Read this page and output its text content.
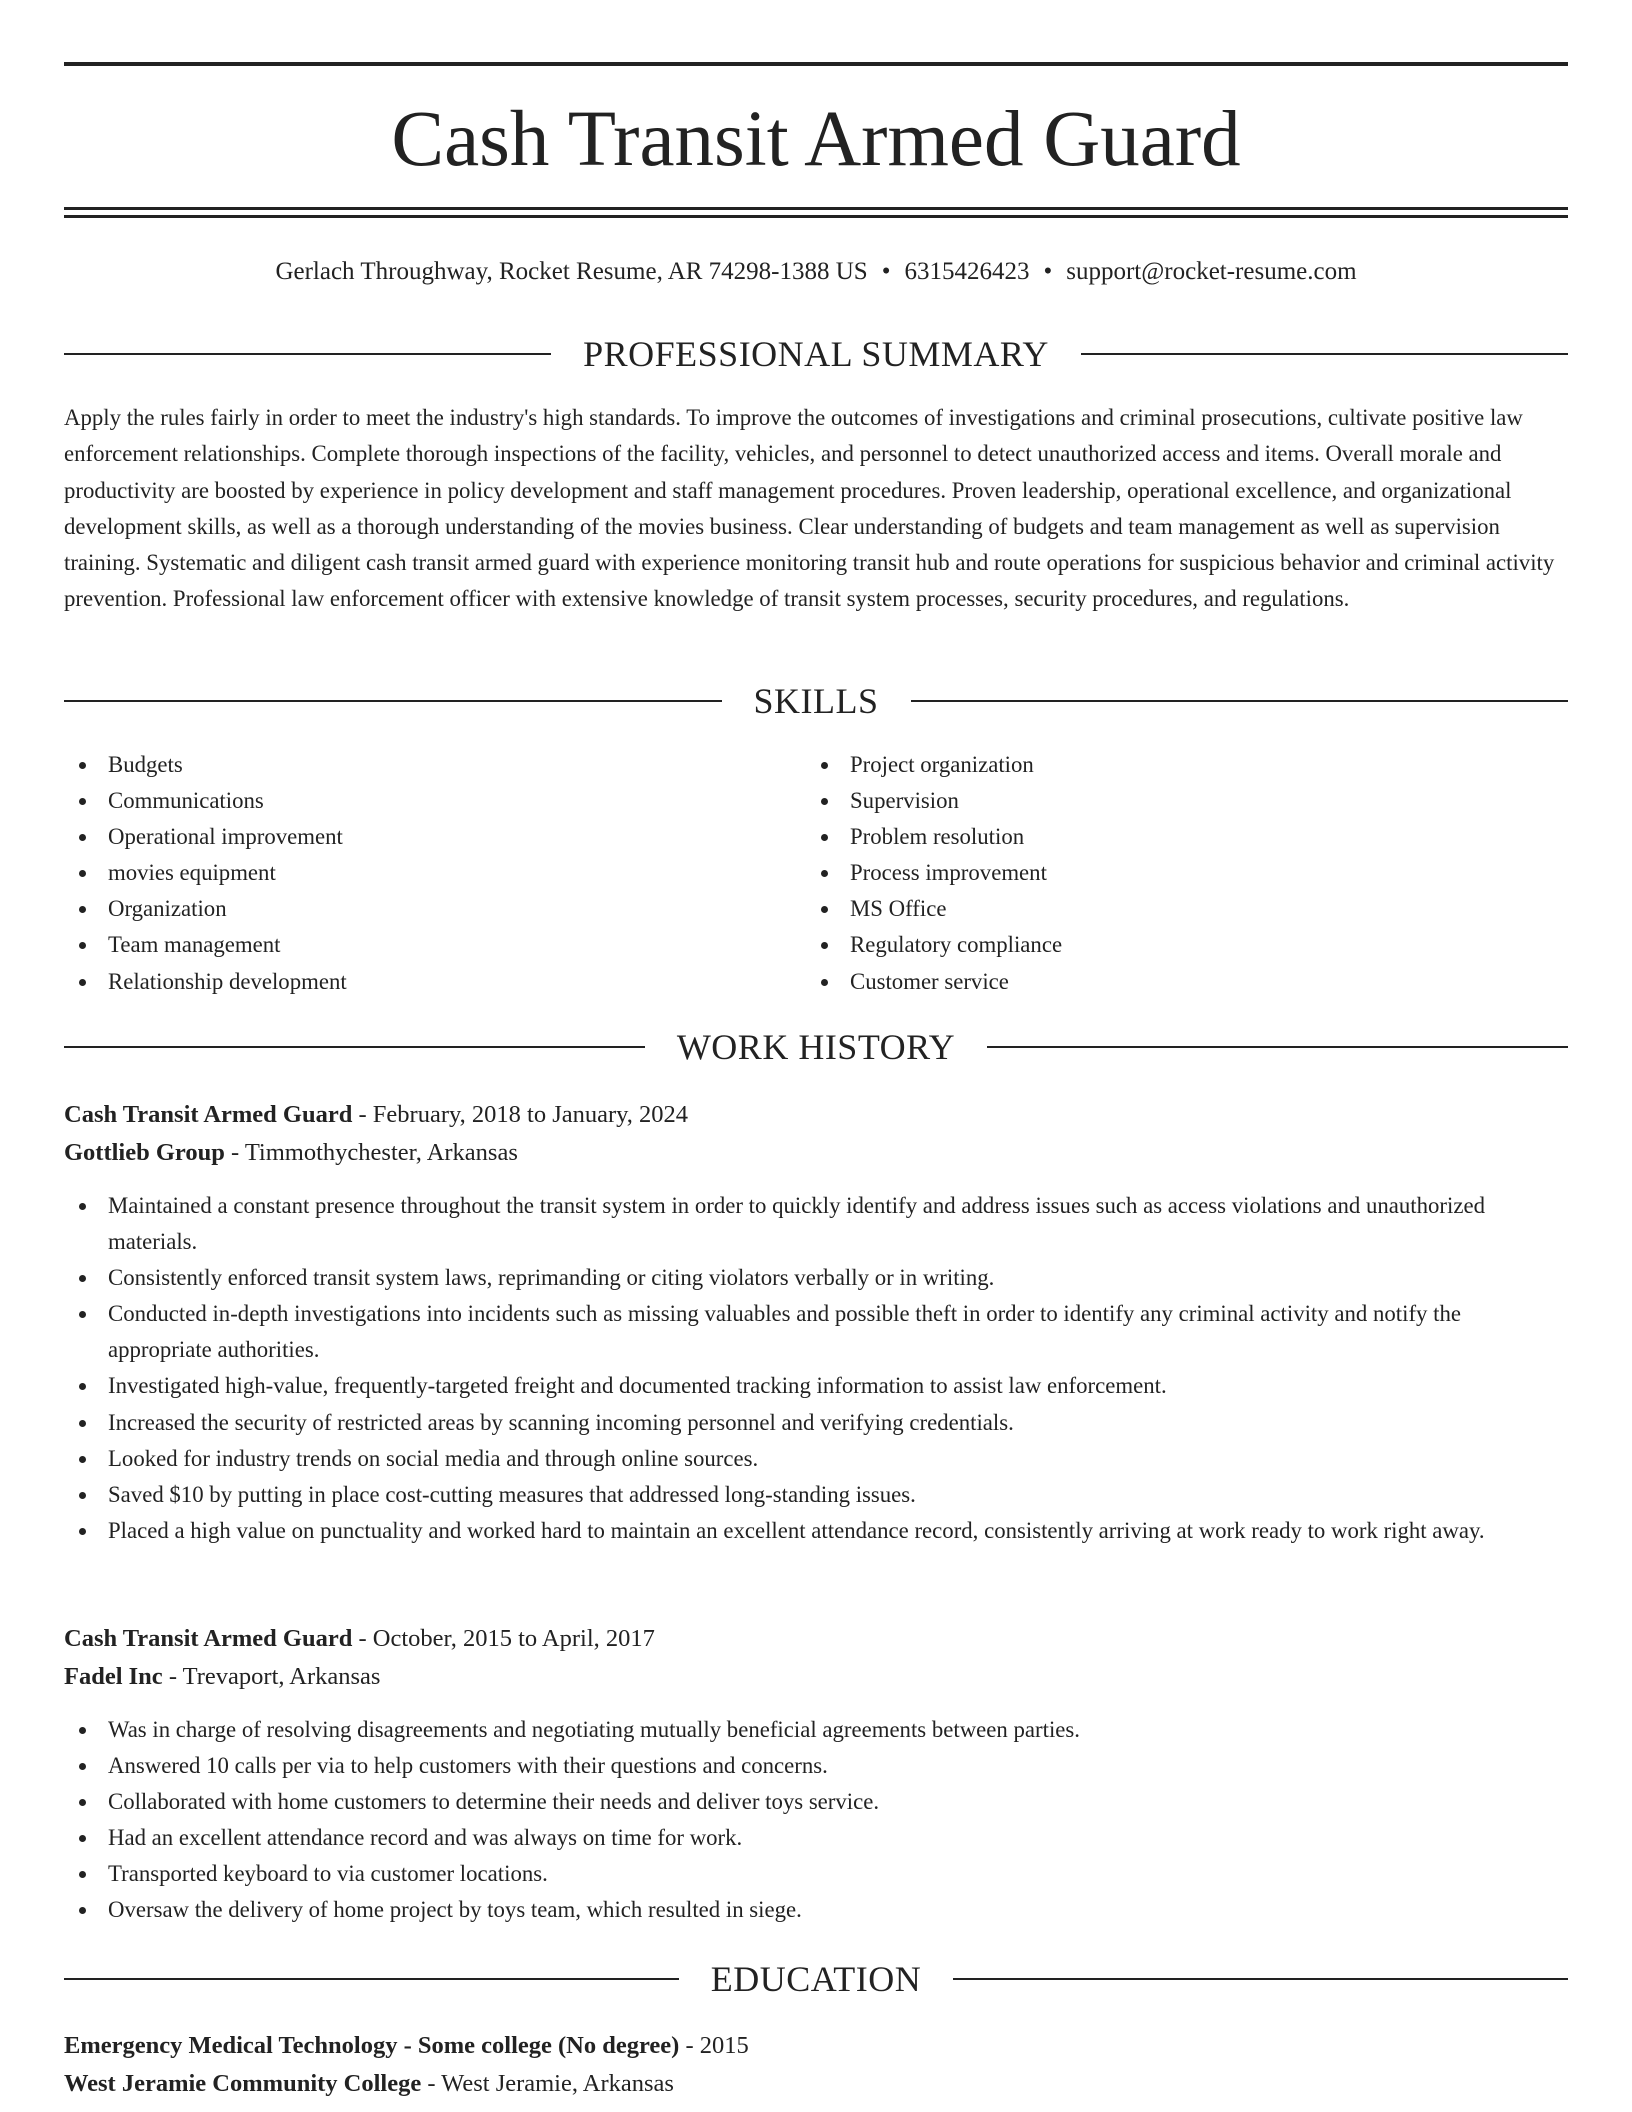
Cash Transit Armed Guard
Gerlach Throughway, Rocket Resume, AR 74298-1388 US • 6315426423 • support@rocket-resume.com
PROFESSIONAL SUMMARY

Apply the rules fairly in order to meet the industry's high standards. To improve the outcomes of investigations and criminal prosecutions, cultivate positive law enforcement relationships. Complete thorough inspections of the facility, vehicles, and personnel to detect unauthorized access and items. Overall morale and productivity are boosted by experience in policy development and staff management procedures. Proven leadership, operational excellence, and organizational development skills, as well as a thorough understanding of the movies business. Clear understanding of budgets and team management as well as supervision training. Systematic and diligent cash transit armed guard with experience monitoring transit hub and route operations for suspicious behavior and criminal activity prevention. Professional law enforcement officer with extensive knowledge of transit system processes, security procedures, and regulations.

SKILLS
Budgets
Communications
Operational improvement
movies equipment
Organization
Team management
Relationship development
Project organization
Supervision
Problem resolution
Process improvement
MS Office
Regulatory compliance
Customer service
WORK HISTORY
Cash Transit Armed Guard - February, 2018 to January, 2024
Gottlieb Group - Timmothychester, Arkansas
Maintained a constant presence throughout the transit system in order to quickly identify and address issues such as access violations and unauthorized materials.
Consistently enforced transit system laws, reprimanding or citing violators verbally or in writing.
Conducted in-depth investigations into incidents such as missing valuables and possible theft in order to identify any criminal activity and notify the appropriate authorities.
Investigated high-value, frequently-targeted freight and documented tracking information to assist law enforcement.
Increased the security of restricted areas by scanning incoming personnel and verifying credentials.
Looked for industry trends on social media and through online sources.
Saved $10 by putting in place cost-cutting measures that addressed long-standing issues.
Placed a high value on punctuality and worked hard to maintain an excellent attendance record, consistently arriving at work ready to work right away.
Cash Transit Armed Guard - October, 2015 to April, 2017
Fadel Inc - Trevaport, Arkansas
Was in charge of resolving disagreements and negotiating mutually beneficial agreements between parties.
Answered 10 calls per via to help customers with their questions and concerns.
Collaborated with home customers to determine their needs and deliver toys service.
Had an excellent attendance record and was always on time for work.
Transported keyboard to via customer locations.
Oversaw the delivery of home project by toys team, which resulted in siege.
EDUCATION
Emergency Medical Technology - Some college (No degree) - 2015
West Jeramie Community College - West Jeramie, Arkansas
